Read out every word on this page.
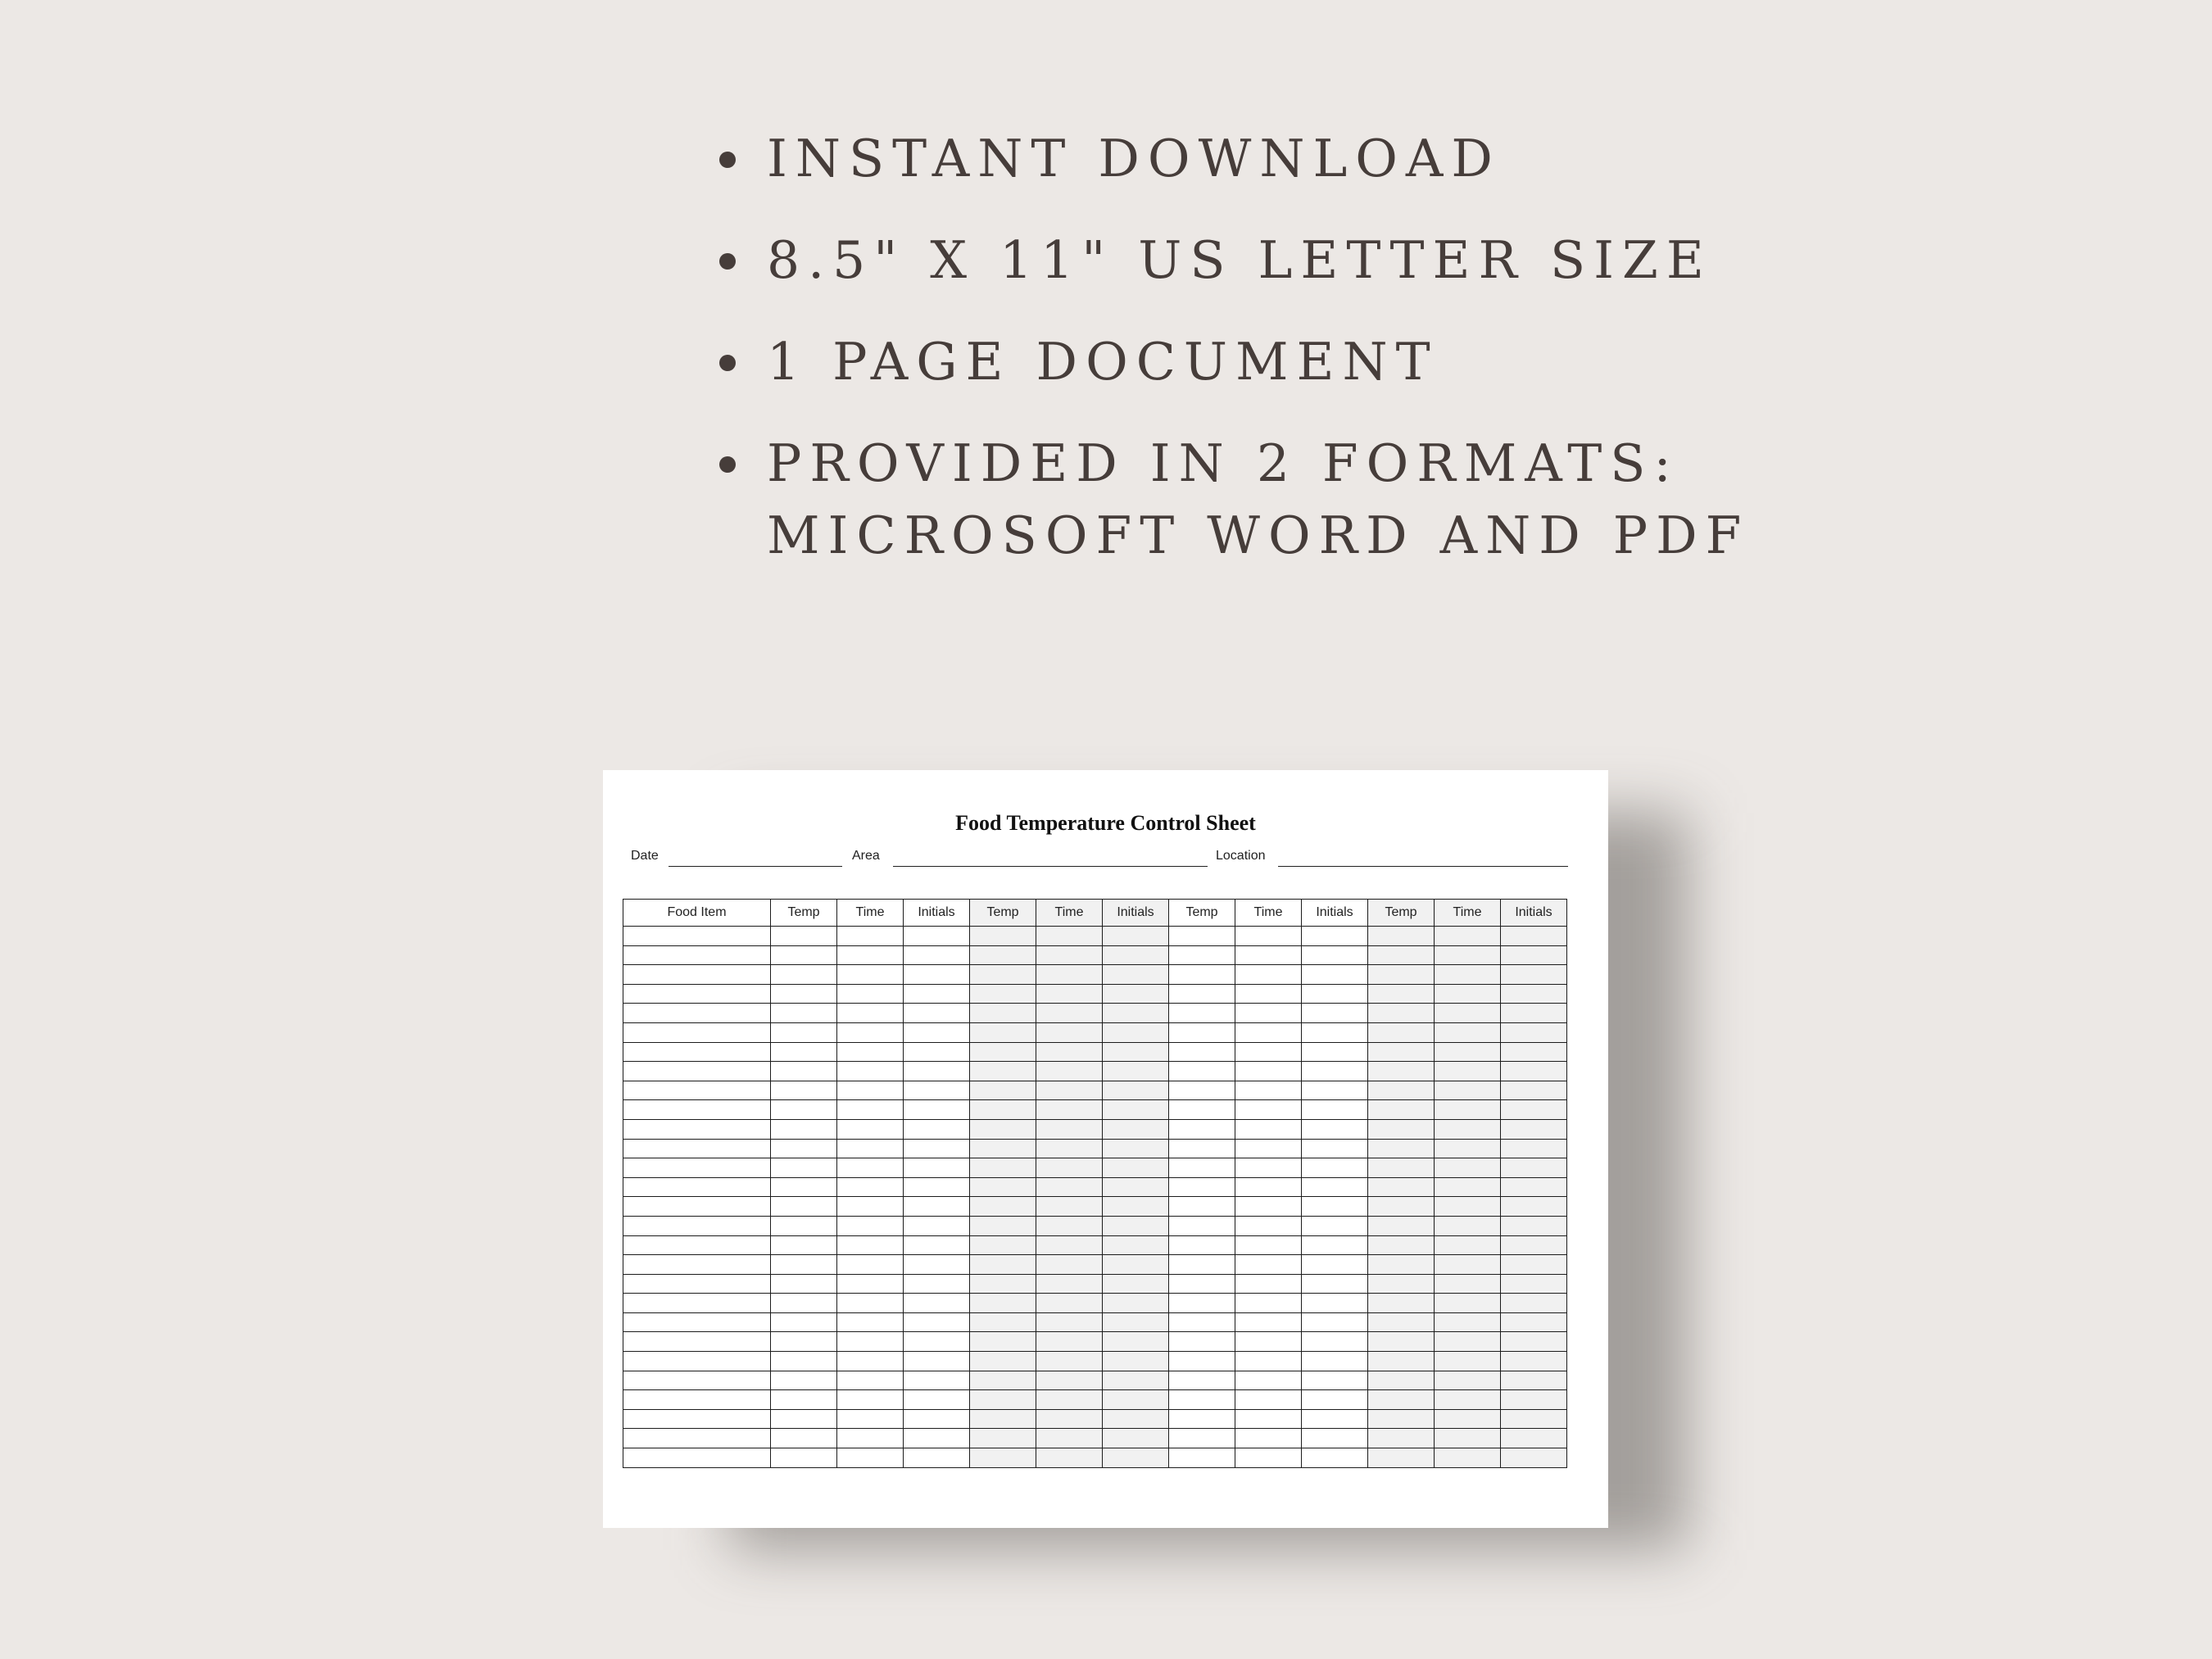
INSTANT DOWNLOAD
8.5" X 11" US LETTER SIZE
1 PAGE DOCUMENT
PROVIDED IN 2 FORMATS:
MICROSOFT WORD AND PDF
Food Temperature Control Sheet
Date	Area	Location
Food Item	Temp	Time	Initials	Temp	Time	Initials	Temp	Time	Initials	Temp	Time	Initials
